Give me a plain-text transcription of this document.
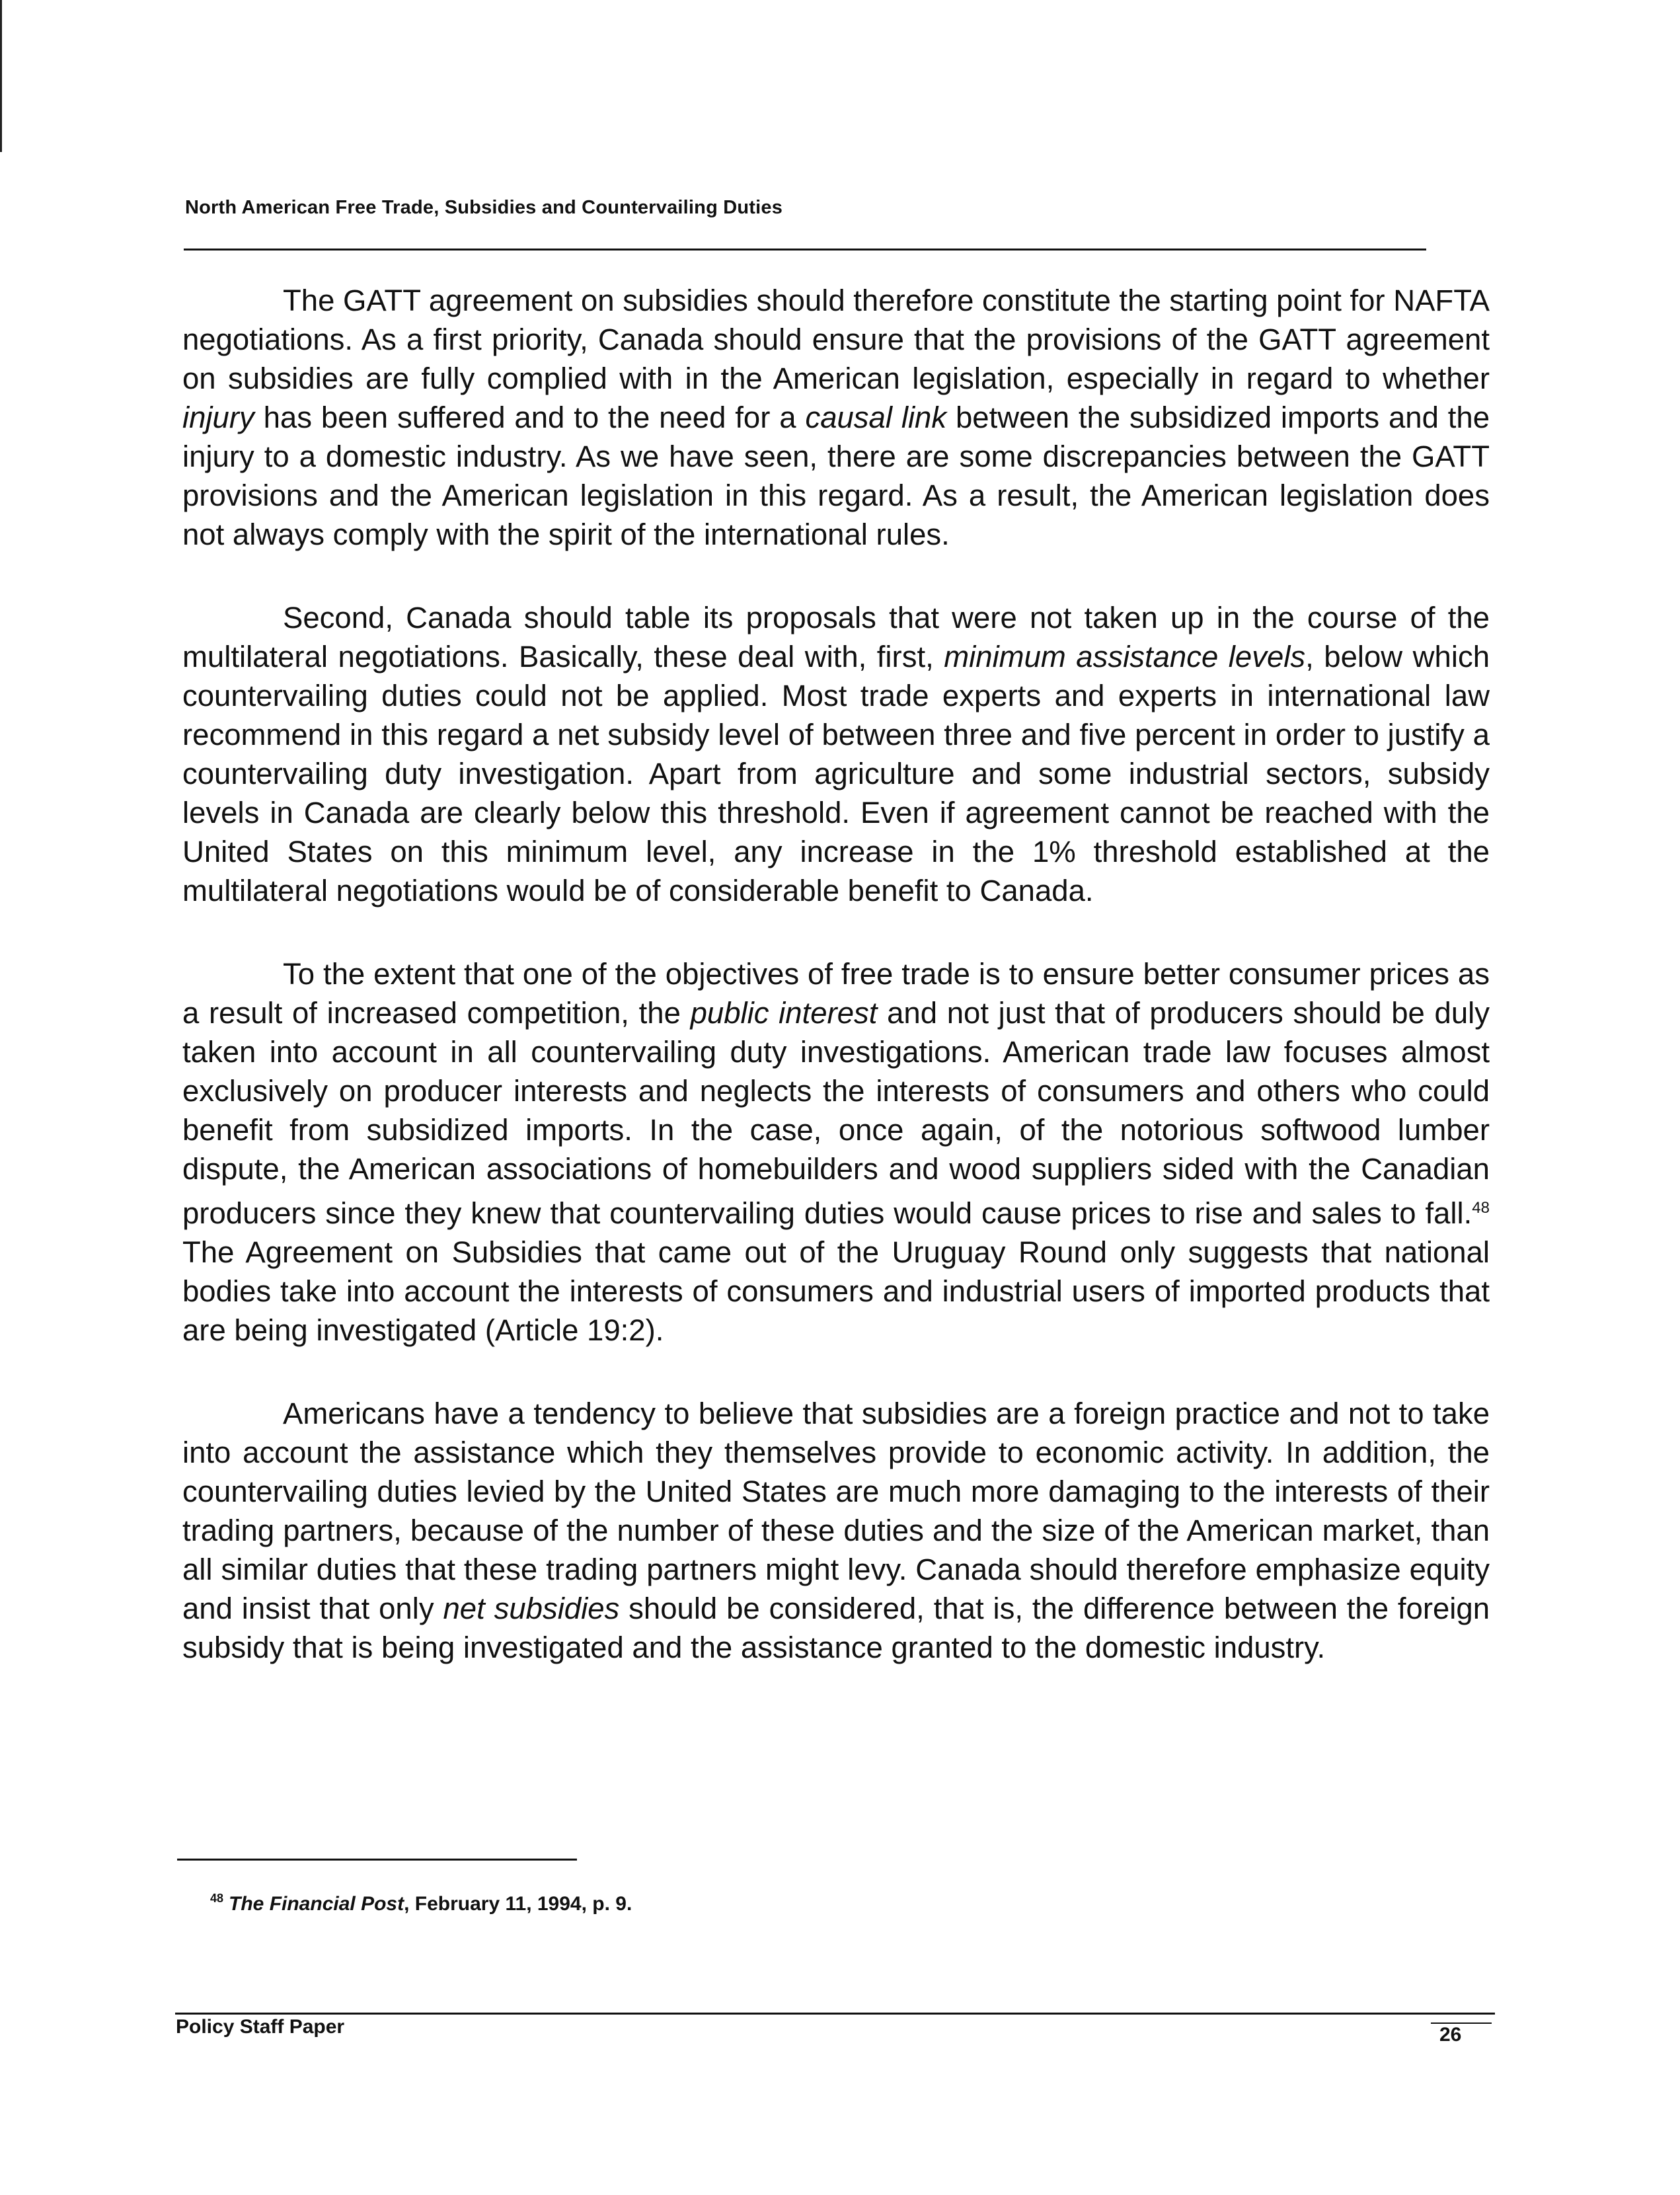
North American Free Trade, Subsidies and Countervailing Duties

The GATT agreement on subsidies should therefore constitute the starting point for NAFTA negotiations. As a first priority, Canada should ensure that the provisions of the GATT agreement on subsidies are fully complied with in the American legislation, especially in regard to whether injury has been suffered and to the need for a causal link between the subsidized imports and the injury to a domestic industry. As we have seen, there are some discrepancies between the GATT provisions and the American legislation in this regard. As a result, the American legislation does not always comply with the spirit of the international rules.

Second, Canada should table its proposals that were not taken up in the course of the multilateral negotiations. Basically, these deal with, first, minimum assistance levels, below which countervailing duties could not be applied. Most trade experts and experts in international law recommend in this regard a net subsidy level of between three and five percent in order to justify a countervailing duty investigation. Apart from agriculture and some industrial sectors, subsidy levels in Canada are clearly below this threshold. Even if agreement cannot be reached with the United States on this minimum level, any increase in the 1% threshold established at the multilateral negotiations would be of considerable benefit to Canada.

To the extent that one of the objectives of free trade is to ensure better consumer prices as a result of increased competition, the public interest and not just that of producers should be duly taken into account in all countervailing duty investigations. American trade law focuses almost exclusively on producer interests and neglects the interests of consumers and others who could benefit from subsidized imports. In the case, once again, of the notorious softwood lumber dispute, the American associations of homebuilders and wood suppliers sided with the Canadian producers since they knew that countervailing duties would cause prices to rise and sales to fall.$^{48}$ The Agreement on Subsidies that came out of the Uruguay Round only suggests that national bodies take into account the interests of consumers and industrial users of imported products that are being investigated (Article 19:2).

Americans have a tendency to believe that subsidies are a foreign practice and not to take into account the assistance which they themselves provide to economic activity. In addition, the countervailing duties levied by the United States are much more damaging to the interests of their trading partners, because of the number of these duties and the size of the American market, than all similar duties that these trading partners might levy. Canada should therefore emphasize equity and insist that only net subsidies should be considered, that is, the difference between the foreign subsidy that is being investigated and the assistance granted to the domestic industry.

$^{48}$ The Financial Post, February 11, 1994, p. 9.
Policy Staff Paper	26
